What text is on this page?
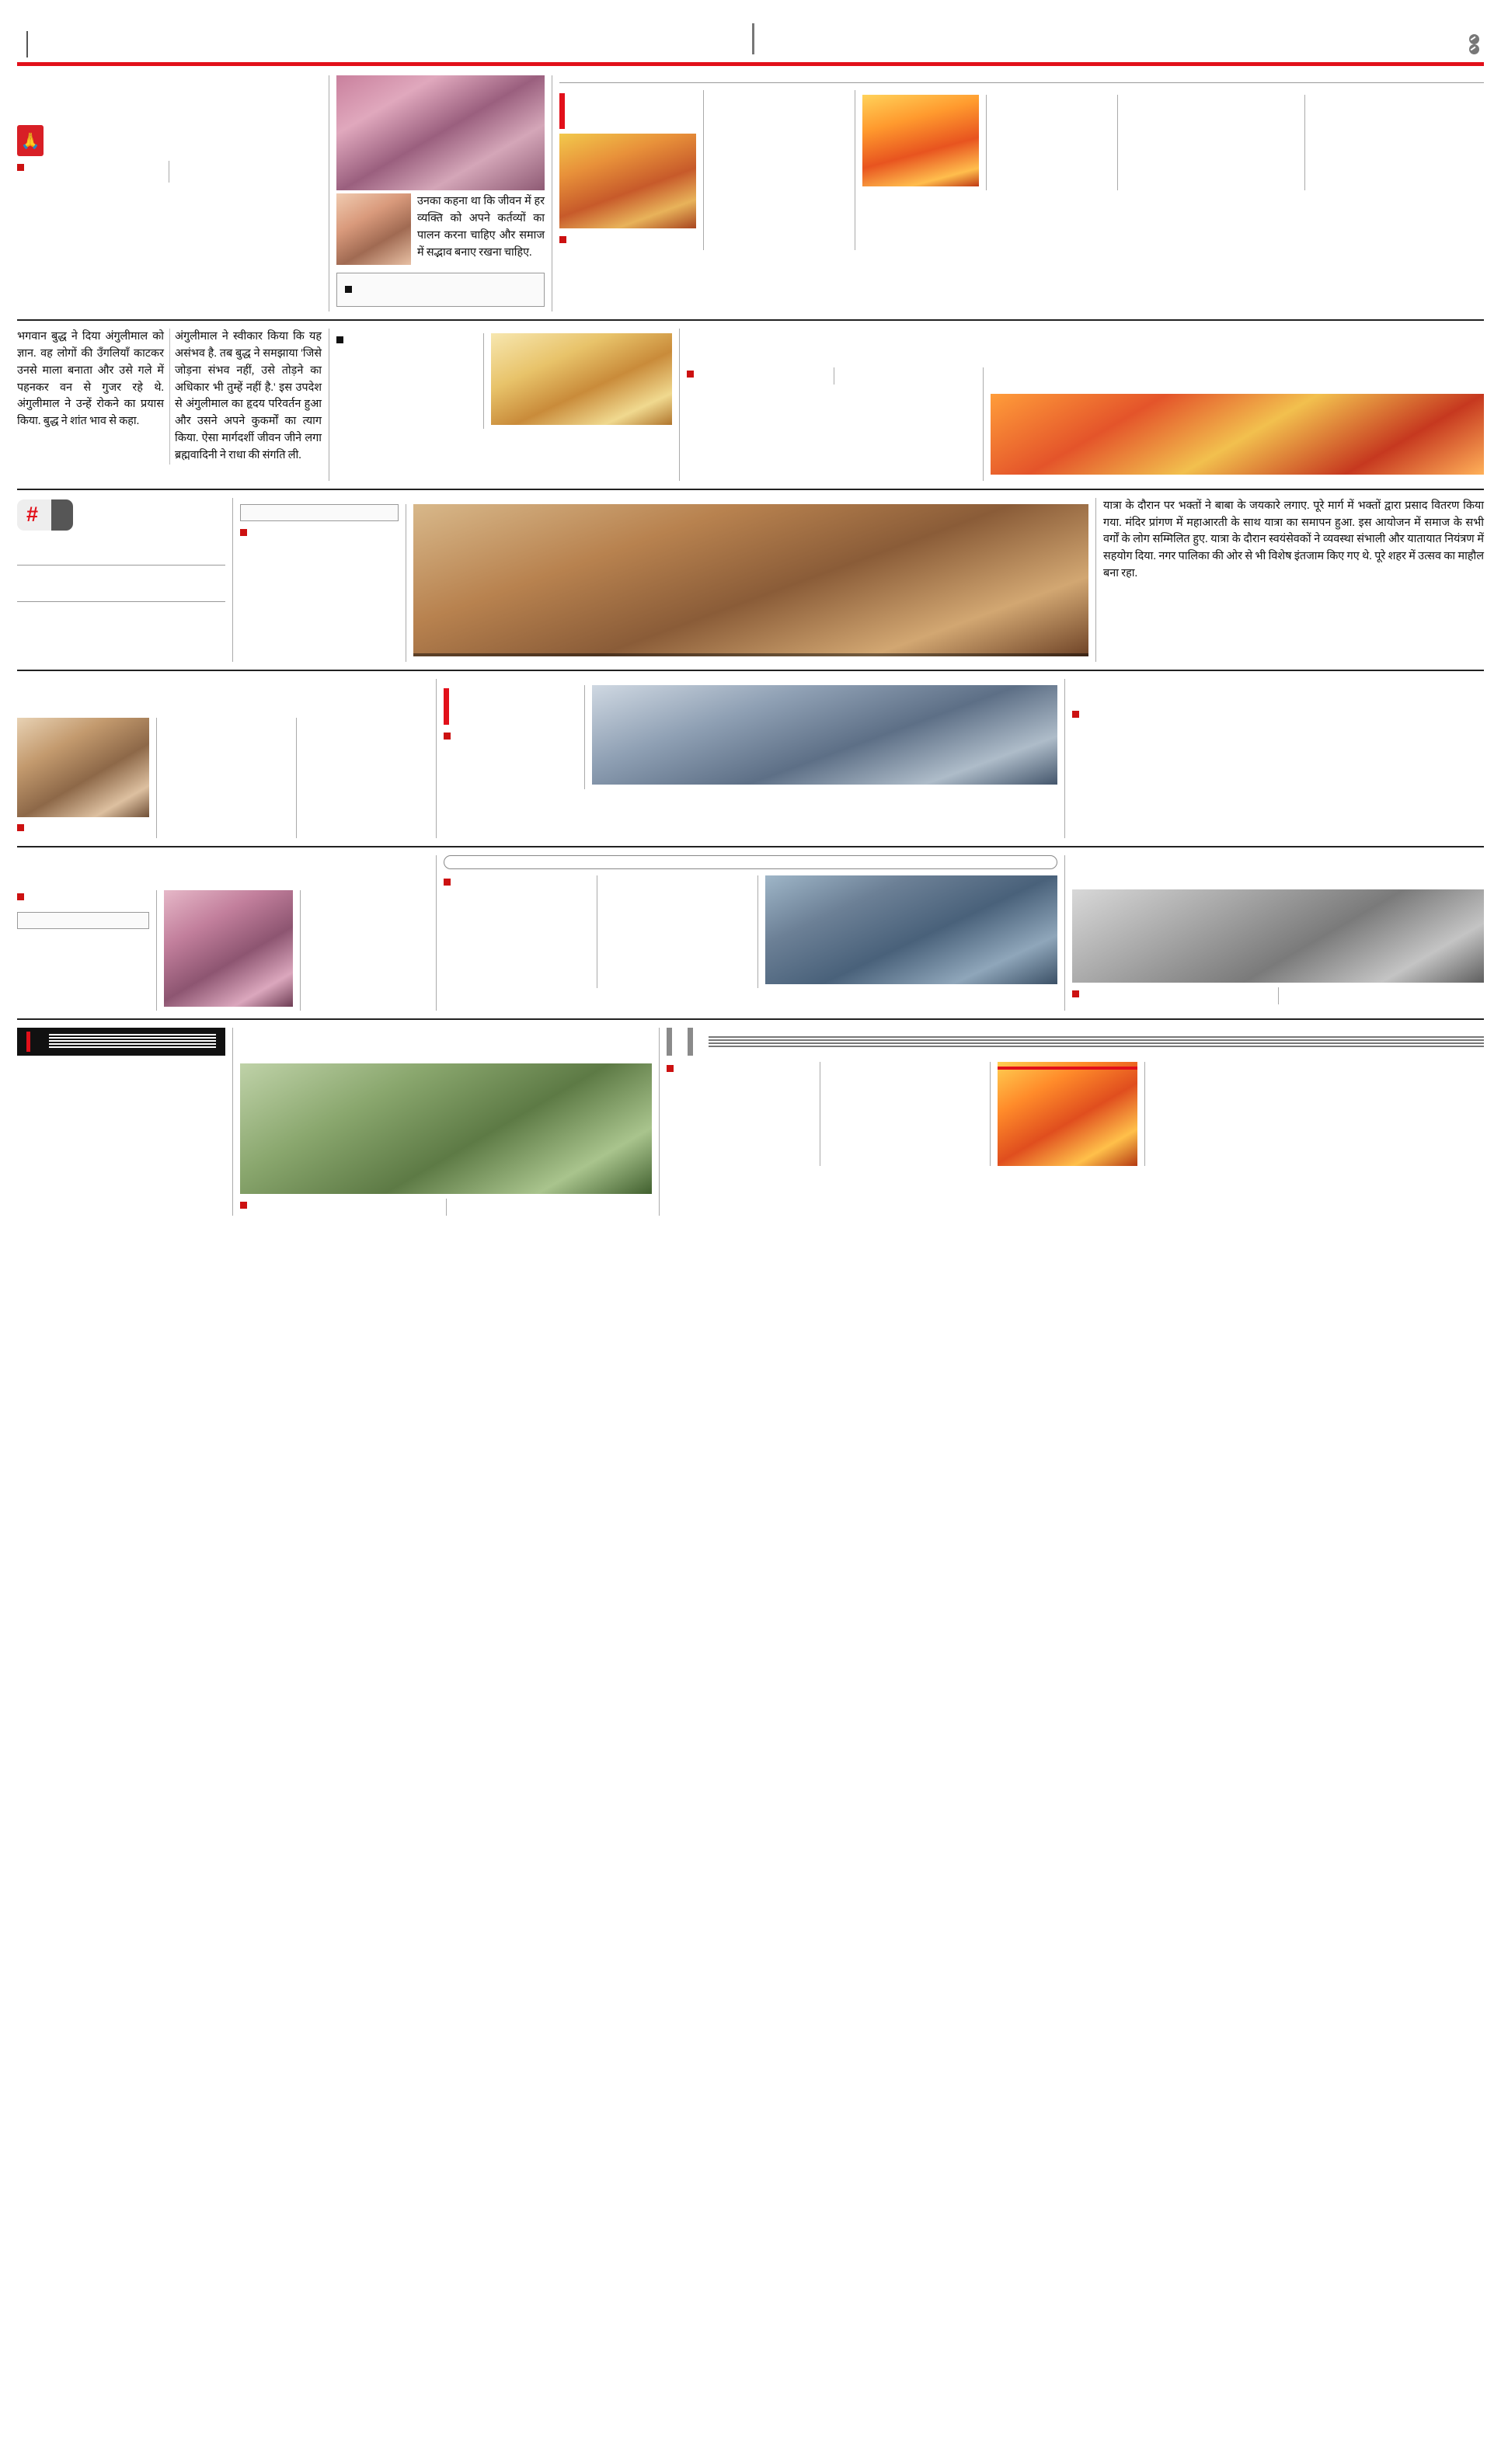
🙏
उनका कहना था कि जीवन में हर व्यक्ति को अपने कर्तव्यों का पालन करना चाहिए और समाज में सद्भाव बनाए रखना चाहिए.

भगवान बुद्ध ने दिया अंगुलीमाल को ज्ञान. वह लोगों की उँगलियाँ काटकर उनसे माला बनाता और उसे गले में पहनकर वन से गुजर रहे थे. अंगुलीमाल ने उन्हें रोकने का प्रयास किया. बुद्ध ने शांत भाव से कहा.

अंगुलीमाल ने स्वीकार किया कि यह असंभव है. तब बुद्ध ने समझाया 'जिसे जोड़ना संभव नहीं, उसे तोड़ने का अधिकार भी तुम्हें नहीं है.' इस उपदेश से अंगुलीमाल का हृदय परिवर्तन हुआ और उसने अपने कुकर्मों का त्याग किया. ऐसा मार्गदर्शी जीवन जीने लगा ब्रह्मवादिनी ने राधा की संगति ली.

#	यात्रा के दौरान पर भक्तों ने बाबा के जयकारे लगाए. पूरे मार्ग में भक्तों द्वारा प्रसाद वितरण किया गया. मंदिर प्रांगण में महाआरती के साथ यात्रा का समापन हुआ. इस आयोजन में समाज के सभी वर्गों के लोग सम्मिलित हुए. यात्रा के दौरान स्वयंसेवकों ने व्यवस्था संभाली और यातायात नियंत्रण में सहयोग दिया. नगर पालिका की ओर से भी विशेष इंतजाम किए गए थे. पूरे शहर में उत्सव का माहौल बना रहा.
